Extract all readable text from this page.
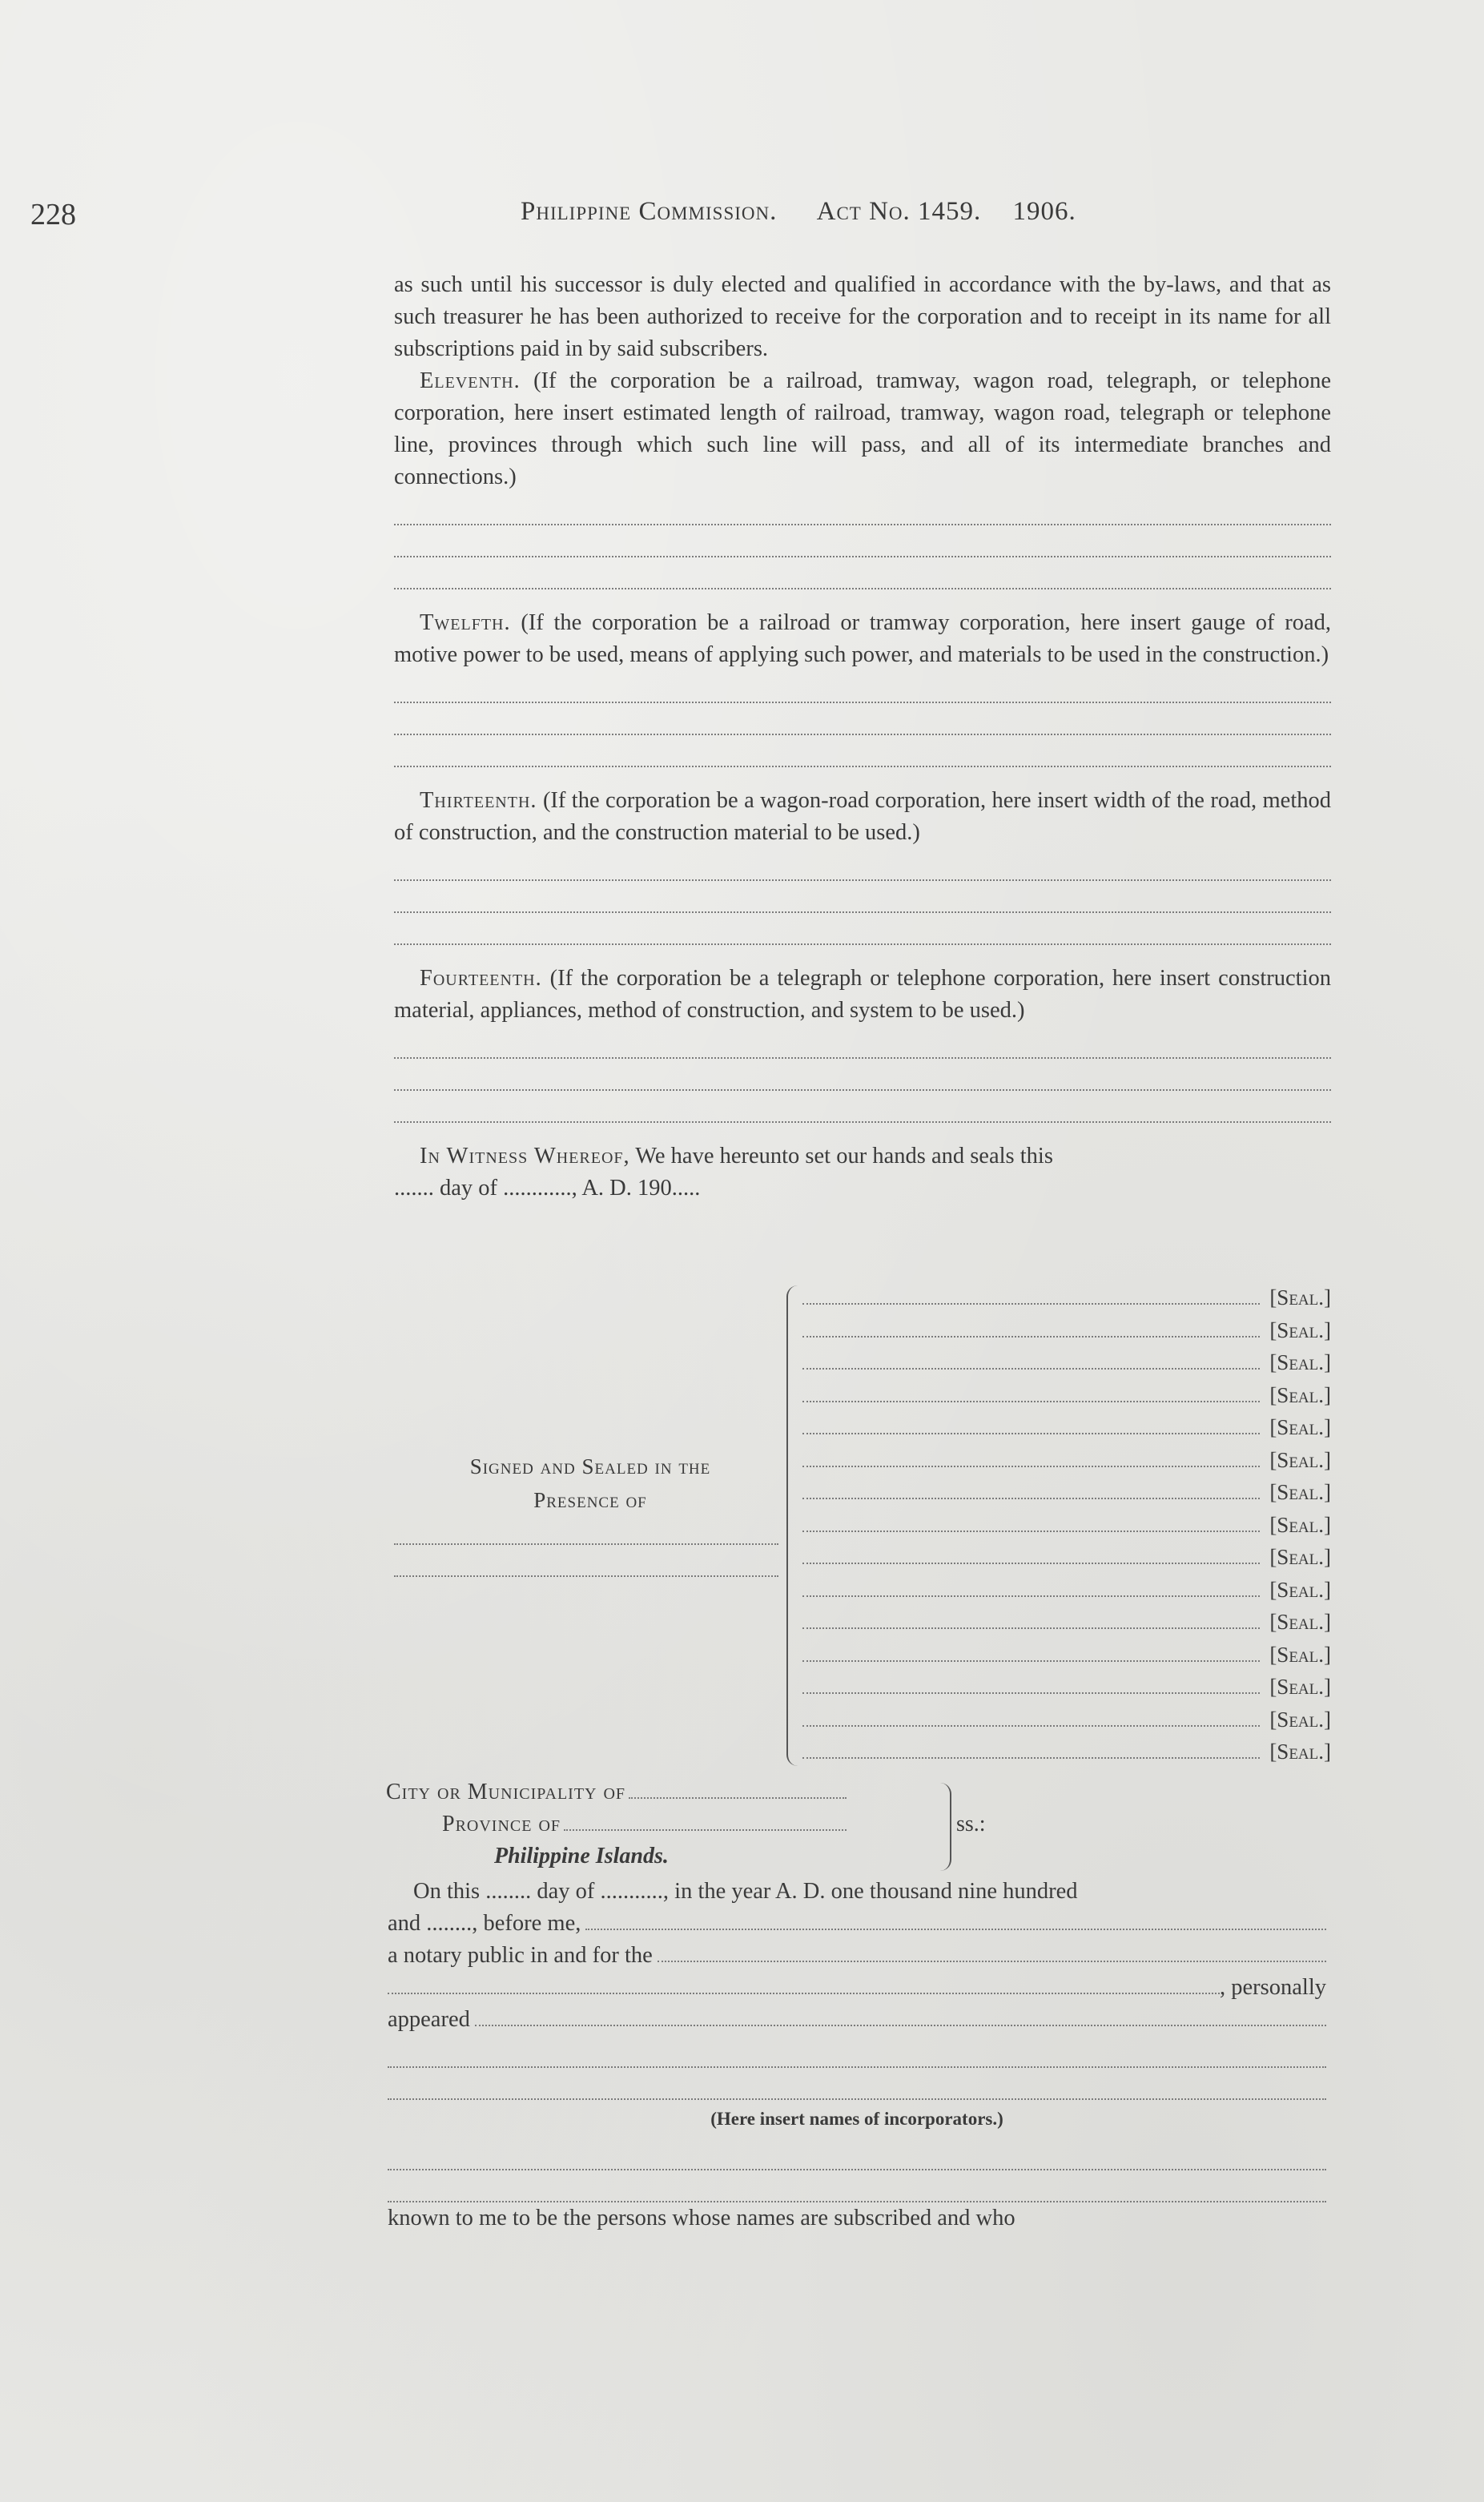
228	Philippine Commission. Act No. 1459. 1906.

as such until his successor is duly elected and qualified in accordance with the by-laws, and that as such treasurer he has been authorized to receive for the corporation and to receipt in its name for all subscriptions paid in by said subscribers.

Eleventh. (If the corporation be a railroad, tramway, wagon road, telegraph, or telephone corporation, here insert estimated length of railroad, tramway, wagon road, telegraph or telephone line, provinces through which such line will pass, and all of its intermediate branches and connections.)

Twelfth. (If the corporation be a railroad or tramway corporation, here insert gauge of road, motive power to be used, means of applying such power, and materials to be used in the construction.)

Thirteenth. (If the corporation be a wagon-road corporation, here insert width of the road, method of construction, and the construction material to be used.)

Fourteenth. (If the corporation be a telegraph or telephone corporation, here insert construction material, appliances, method of construction, and system to be used.)

In Witness Whereof, We have hereunto set our hands and seals this

....... day of ............, A. D. 190.....

Signed and Sealed in the
Presence of
[Seal.]
[Seal.]
[Seal.]
[Seal.]
[Seal.]
[Seal.]
[Seal.]
[Seal.]
[Seal.]
[Seal.]
[Seal.]
[Seal.]
[Seal.]
[Seal.]
[Seal.]
City or Municipality of
Province of
Philippine Islands.
ss.:
On this ........ day of ..........., in the year A. D. one thousand nine hundred
and ........, before me,
a notary public in and for the
, personally
appeared
(Here insert names of incorporators.)
known to me to be the persons whose names are subscribed and who
